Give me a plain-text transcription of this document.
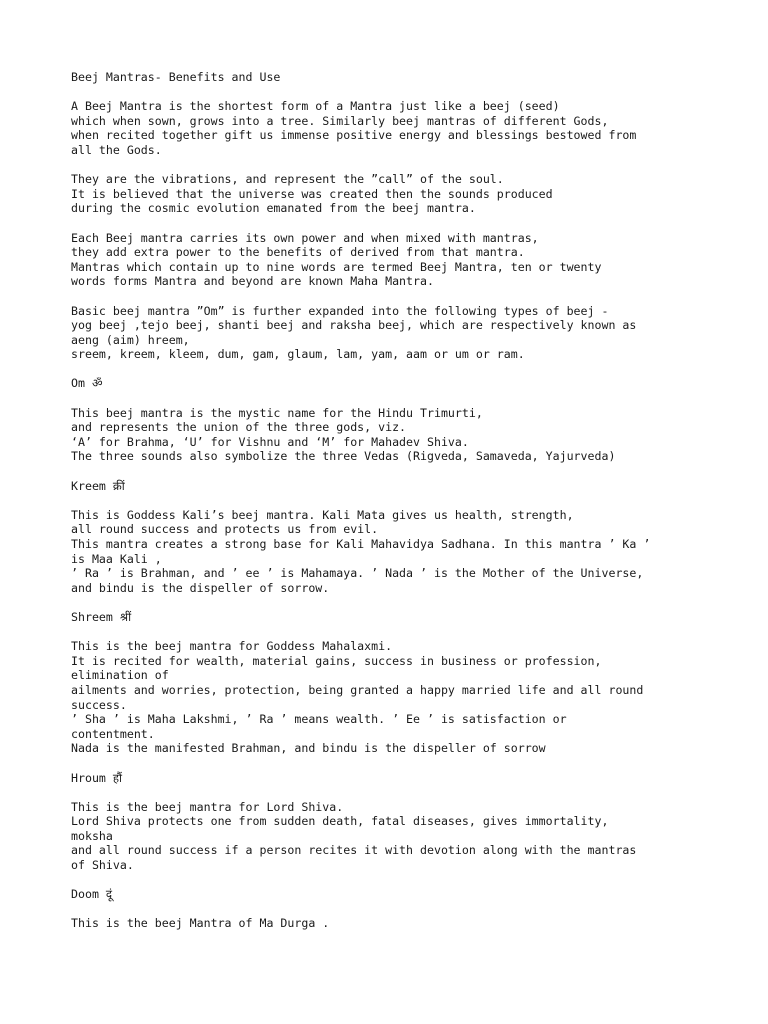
Beej Mantras- Benefits and Use
A Beej Mantra is the shortest form of a Mantra just like a beej (seed)
which when sown, grows into a tree. Similarly beej mantras of different Gods,
when recited together gift us immense positive energy and blessings bestowed from
all the Gods.
They are the vibrations, and represent the ”call” of the soul.
It is believed that the universe was created then the sounds produced
during the cosmic evolution emanated from the beej mantra.
Each Beej mantra carries its own power and when mixed with mantras,
they add extra power to the benefits of derived from that mantra.
Mantras which contain up to nine words are termed Beej Mantra, ten or twenty
words forms Mantra and beyond are known Maha Mantra.
Basic beej mantra ”Om” is further expanded into the following types of beej -
yog beej ,tejo beej, shanti beej and raksha beej, which are respectively known as
aeng (aim) hreem,
sreem, kreem, kleem, dum, gam, glaum, lam, yam, aam or um or ram.
Om ॐ
This beej mantra is the mystic name for the Hindu Trimurti,
and represents the union of the three gods, viz.
‘A’ for Brahma, ‘U’ for Vishnu and ‘M’ for Mahadev Shiva.
The three sounds also symbolize the three Vedas (Rigveda, Samaveda, Yajurveda)
Kreem क्रीं
This is Goddess Kali’s beej mantra. Kali Mata gives us health, strength,
all round success and protects us from evil.
This mantra creates a strong base for Kali Mahavidya Sadhana. In this mantra ’ Ka ’
is Maa Kali ,
’ Ra ’ is Brahman, and ’ ee ’ is Mahamaya. ’ Nada ’ is the Mother of the Universe,
and bindu is the dispeller of sorrow.
Shreem श्रीं
This is the beej mantra for Goddess Mahalaxmi.
It is recited for wealth, material gains, success in business or profession,
elimination of
ailments and worries, protection, being granted a happy married life and all round
success.
’ Sha ’ is Maha Lakshmi, ’ Ra ’ means wealth. ’ Ee ’ is satisfaction or
contentment.
Nada is the manifested Brahman, and bindu is the dispeller of sorrow
Hroum हौं
This is the beej mantra for Lord Shiva.
Lord Shiva protects one from sudden death, fatal diseases, gives immortality,
moksha
and all round success if a person recites it with devotion along with the mantras
of Shiva.
Doom दूं
This is the beej Mantra of Ma Durga .
